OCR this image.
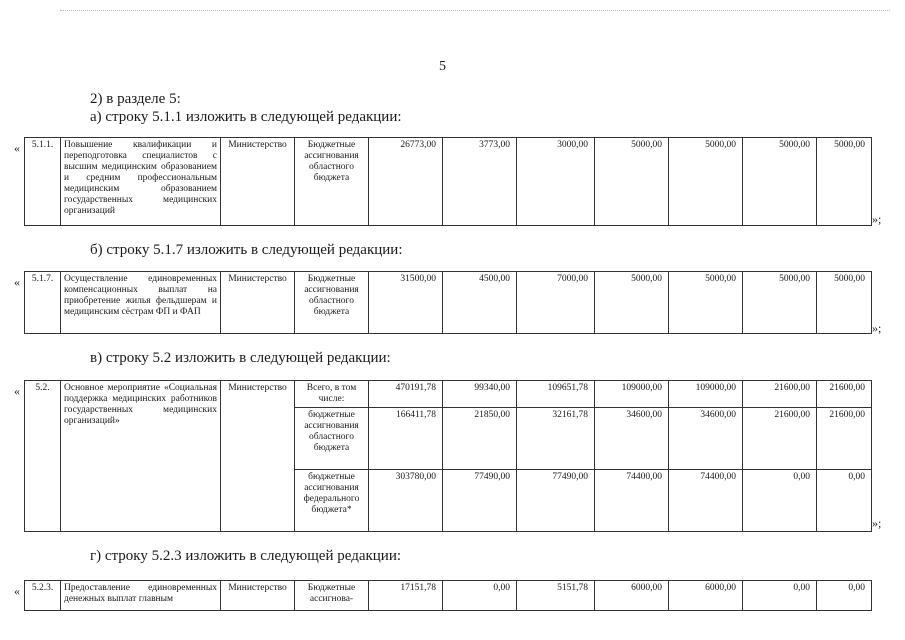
5
2) в разделе 5:
а) строку 5.1.1 изложить в следующей редакции:
« 5.1.1.	Повышение квалификации и переподготовка специалистов с высшим медицинским образованием и средним профессиональным медицинским образованием государственных медицинских организаций	Министерство	Бюджетные ассигнования областного бюджета	26773,00	3773,00	3000,00	5000,00	5000,00	5000,00	5000,00
»;
б) строку 5.1.7 изложить в следующей редакции:
« 5.1.7.	Осуществление единовременных компенсационных выплат на приобретение жилья фельдшерам и медицинским сёстрам ФП и ФАП	Министерство	Бюджетные ассигнования областного бюджета	31500,00	4500,00	7000,00	5000,00	5000,00	5000,00	5000,00
»;
в) строку 5.2 изложить в следующей редакции:
« 5.2.	Основное мероприятие «Социальная поддержка медицинских работников государственных медицинских организаций»	Министерство	Всего, в том числе:	470191,78	99340,00	109651,78	109000,00	109000,00	21600,00	21600,00
			бюджетные ассигнования областного бюджета	166411,78	21850,00	32161,78	34600,00	34600,00	21600,00	21600,00
			бюджетные ассигнования федерального бюджета*	303780,00	77490,00	77490,00	74400,00	74400,00	0,00	0,00
»;
г) строку 5.2.3 изложить в следующей редакции:
« 5.2.3.	Предоставление единовременных денежных выплат главным	Министерство	Бюджетные ассигнова-	17151,78	0,00	5151,78	6000,00	6000,00	0,00	0,00
